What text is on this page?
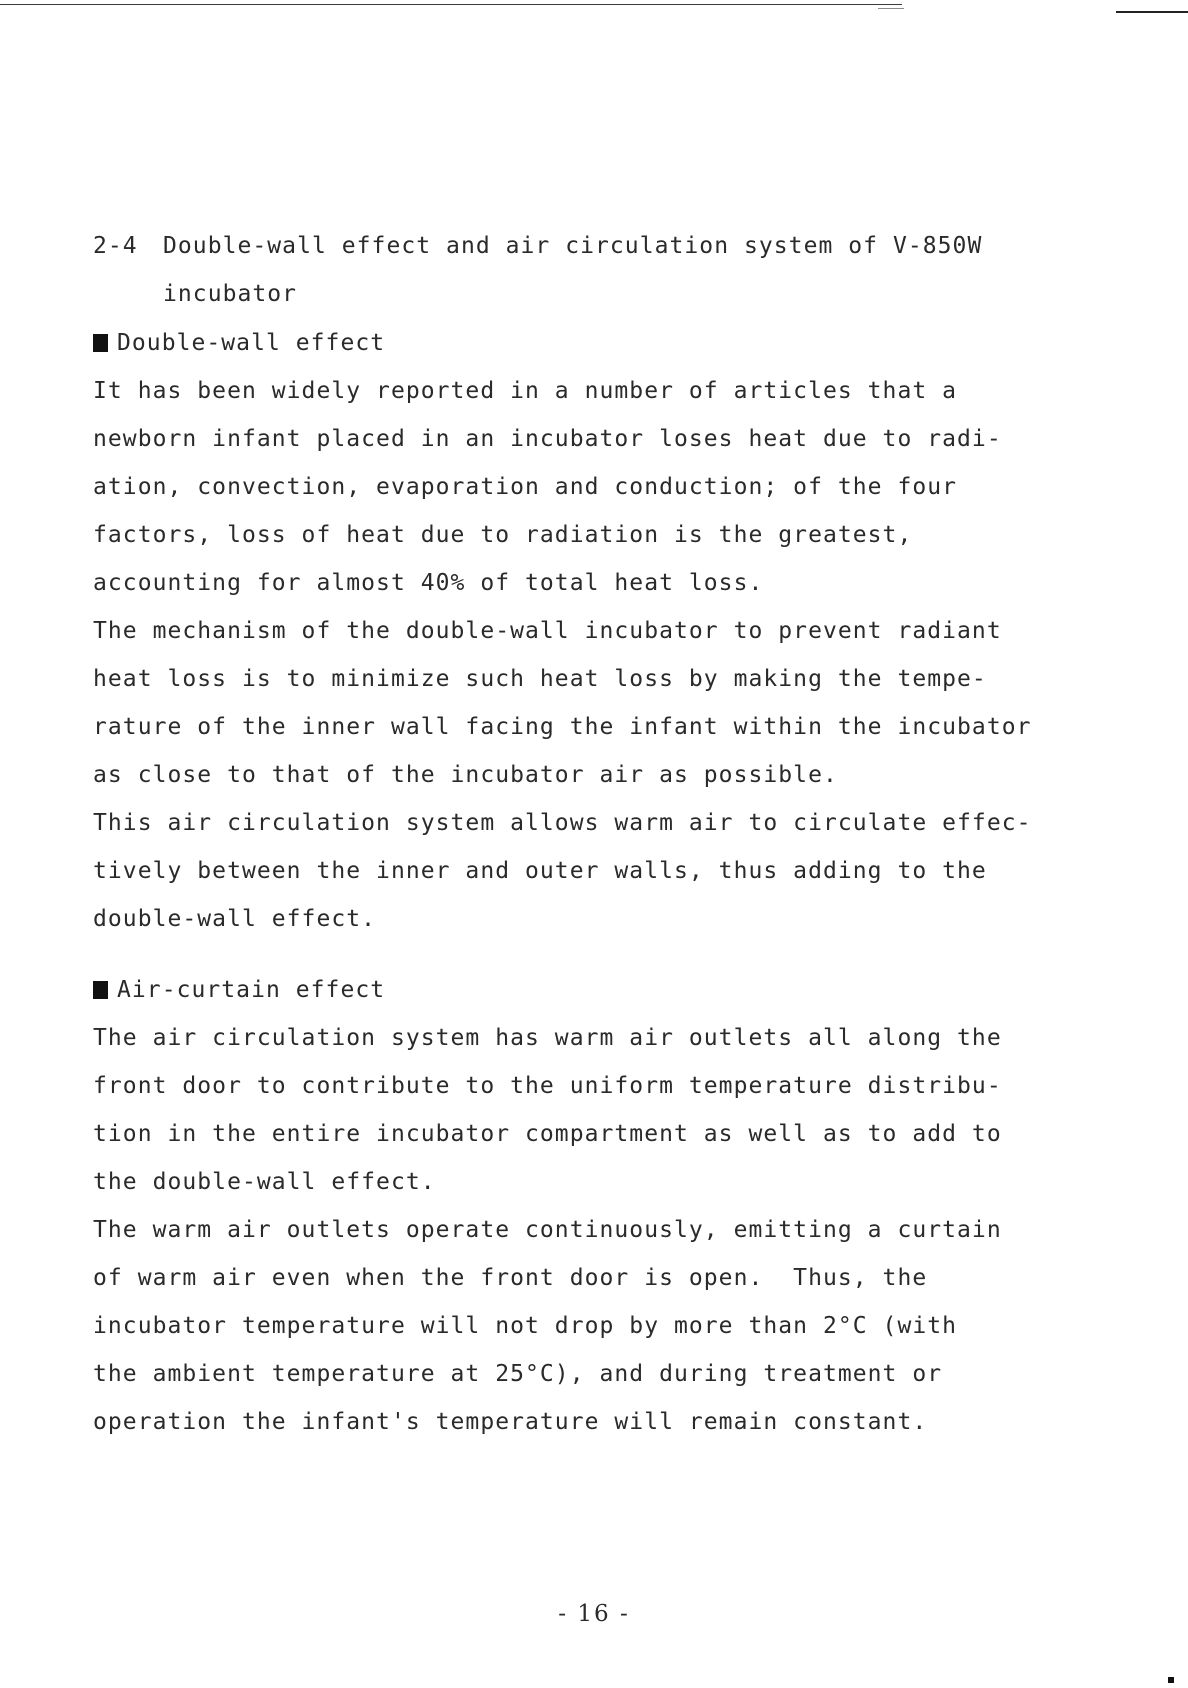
2-4 Double-wall effect and air circulation system of V-850W
incubator
Double-wall effect
It has been widely reported in a number of articles that a
newborn infant placed in an incubator loses heat due to radi-
ation, convection, evaporation and conduction; of the four
factors, loss of heat due to radiation is the greatest,
accounting for almost 40% of total heat loss.
The mechanism of the double-wall incubator to prevent radiant
heat loss is to minimize such heat loss by making the tempe-
rature of the inner wall facing the infant within the incubator
as close to that of the incubator air as possible.
This air circulation system allows warm air to circulate effec-
tively between the inner and outer walls, thus adding to the
double-wall effect.
Air-curtain effect
The air circulation system has warm air outlets all along the
front door to contribute to the uniform temperature distribu-
tion in the entire incubator compartment as well as to add to
the double-wall effect.
The warm air outlets operate continuously, emitting a curtain
of warm air even when the front door is open.  Thus, the
incubator temperature will not drop by more than 2°C (with
the ambient temperature at 25°C), and during treatment or
operation the infant's temperature will remain constant.
- 16 -
